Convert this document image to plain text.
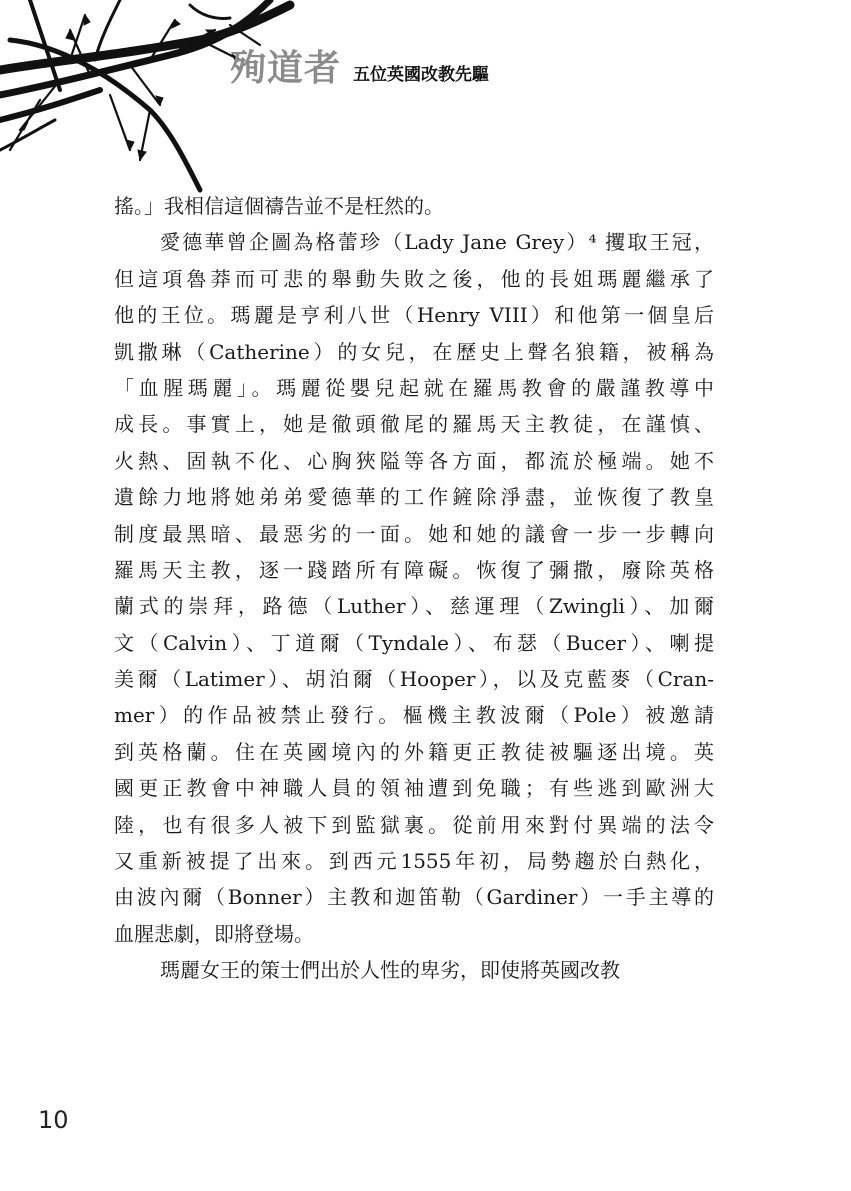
殉道者 五位英國改教先驅
搖。」我相信這個禱告並不是枉然的。
愛德華曾企圖為格蕾珍（Lady Jane Grey）⁴ 攫取王冠，
但這項魯莽而可悲的舉動失敗之後，他的長姐瑪麗繼承了
他的王位。瑪麗是亨利八世（Henry VIII）和他第一個皇后
凱撒琳（Catherine）的女兒，在歷史上聲名狼籍，被稱為
「血腥瑪麗」。瑪麗從嬰兒起就在羅馬教會的嚴謹教導中
成長。事實上，她是徹頭徹尾的羅馬天主教徒，在謹慎、
火熱、固執不化、心胸狹隘等各方面，都流於極端。她不
遺餘力地將她弟弟愛德華的工作鏟除淨盡，並恢復了教皇
制度最黑暗、最惡劣的一面。她和她的議會一步一步轉向
羅馬天主教，逐一踐踏所有障礙。恢復了彌撒，廢除英格
蘭式的崇拜，路德（Luther）、慈運理（Zwingli）、加爾
文（Calvin）、丁道爾（Tyndale）、布瑟（Bucer）、喇提
美爾（Latimer）、胡泊爾（Hooper），以及克藍麥（Cran-
mer）的作品被禁止發行。樞機主教波爾（Pole）被邀請
到英格蘭。住在英國境內的外籍更正教徒被驅逐出境。英
國更正教會中神職人員的領袖遭到免職；有些逃到歐洲大
陸，也有很多人被下到監獄裏。從前用來對付異端的法令
又重新被提了出來。到西元1555年初，局勢趨於白熱化，
由波內爾（Bonner）主教和迦笛勒（Gardiner）一手主導的
血腥悲劇，即將登場。
瑪麗女王的策士們出於人性的卑劣，即使將英國改教
10
